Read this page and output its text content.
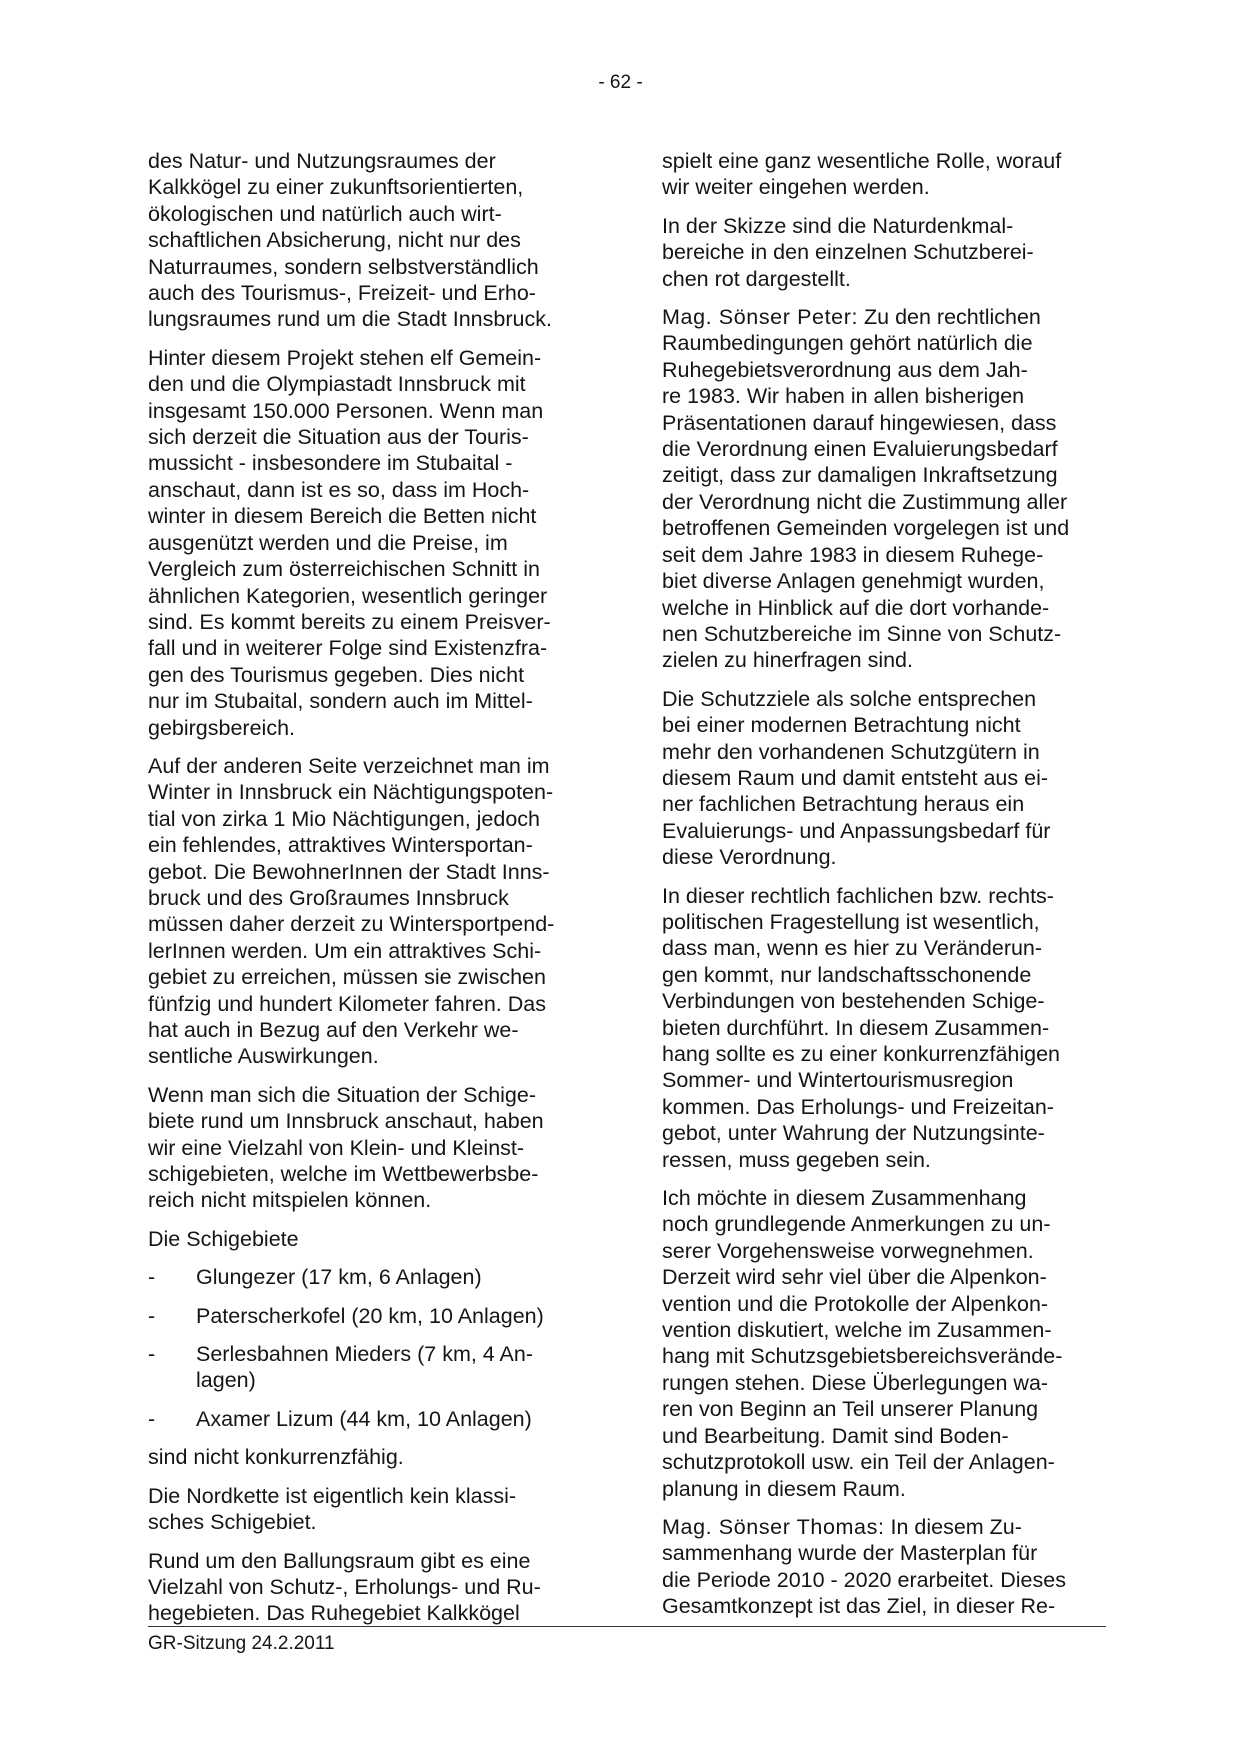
- 62 -

des Natur- und Nutzungsraumes der
Kalkkögel zu einer zukunftsorientierten,
ökologischen und natürlich auch wirt-
schaftlichen Absicherung, nicht nur des
Naturraumes, sondern selbstverständlich
auch des Tourismus-, Freizeit- und Erho-
lungsraumes rund um die Stadt Innsbruck.

Hinter diesem Projekt stehen elf Gemein-
den und die Olympiastadt Innsbruck mit
insgesamt 150.000 Personen. Wenn man
sich derzeit die Situation aus der Touris-
mussicht - insbesondere im Stubaital -
anschaut, dann ist es so, dass im Hoch-
winter in diesem Bereich die Betten nicht
ausgenützt werden und die Preise, im
Vergleich zum österreichischen Schnitt in
ähnlichen Kategorien, wesentlich geringer
sind. Es kommt bereits zu einem Preisver-
fall und in weiterer Folge sind Existenzfra-
gen des Tourismus gegeben. Dies nicht
nur im Stubaital, sondern auch im Mittel-
gebirgsbereich.

Auf der anderen Seite verzeichnet man im
Winter in Innsbruck ein Nächtigungspoten-
tial von zirka 1 Mio Nächtigungen, jedoch
ein fehlendes, attraktives Wintersportan-
gebot. Die BewohnerInnen der Stadt Inns-
bruck und des Großraumes Innsbruck
müssen daher derzeit zu Wintersportpend-
lerInnen werden. Um ein attraktives Schi-
gebiet zu erreichen, müssen sie zwischen
fünfzig und hundert Kilometer fahren. Das
hat auch in Bezug auf den Verkehr we-
sentliche Auswirkungen.

Wenn man sich die Situation der Schige-
biete rund um Innsbruck anschaut, haben
wir eine Vielzahl von Klein- und Kleinst-
schigebieten, welche im Wettbewerbsbe-
reich nicht mitspielen können.

Die Schigebiete

- Glungezer (17 km, 6 Anlagen)
- Paterscherkofel (20 km, 10 Anlagen)
- Serlesbahnen Mieders (7 km, 4 An-
lagen)
- Axamer Lizum (44 km, 10 Anlagen)

sind nicht konkurrenzfähig.

Die Nordkette ist eigentlich kein klassi-
sches Schigebiet.

Rund um den Ballungsraum gibt es eine
Vielzahl von Schutz-, Erholungs- und Ru-
hegebieten. Das Ruhegebiet Kalkkögel

spielt eine ganz wesentliche Rolle, worauf
wir weiter eingehen werden.

In der Skizze sind die Naturdenkmal-
bereiche in den einzelnen Schutzberei-
chen rot dargestellt.

Mag. Sönser Peter: Zu den rechtlichen
Raumbedingungen gehört natürlich die
Ruhegebietsverordnung aus dem Jah-
re 1983. Wir haben in allen bisherigen
Präsentationen darauf hingewiesen, dass
die Verordnung einen Evaluierungsbedarf
zeitigt, dass zur damaligen Inkraftsetzung
der Verordnung nicht die Zustimmung aller
betroffenen Gemeinden vorgelegen ist und
seit dem Jahre 1983 in diesem Ruhege-
biet diverse Anlagen genehmigt wurden,
welche in Hinblick auf die dort vorhande-
nen Schutzbereiche im Sinne von Schutz-
zielen zu hinerfragen sind.

Die Schutzziele als solche entsprechen
bei einer modernen Betrachtung nicht
mehr den vorhandenen Schutzgütern in
diesem Raum und damit entsteht aus ei-
ner fachlichen Betrachtung heraus ein
Evaluierungs- und Anpassungsbedarf für
diese Verordnung.

In dieser rechtlich fachlichen bzw. rechts-
politischen Fragestellung ist wesentlich,
dass man, wenn es hier zu Veränderun-
gen kommt, nur landschaftsschonende
Verbindungen von bestehenden Schige-
bieten durchführt. In diesem Zusammen-
hang sollte es zu einer konkurrenzfähigen
Sommer- und Wintertourismusregion
kommen. Das Erholungs- und Freizeitan-
gebot, unter Wahrung der Nutzungsinte-
ressen, muss gegeben sein.

Ich möchte in diesem Zusammenhang
noch grundlegende Anmerkungen zu un-
serer Vorgehensweise vorwegnehmen.
Derzeit wird sehr viel über die Alpenkon-
vention und die Protokolle der Alpenkon-
vention diskutiert, welche im Zusammen-
hang mit Schutzsgebietsbereichsverände-
rungen stehen. Diese Überlegungen wa-
ren von Beginn an Teil unserer Planung
und Bearbeitung. Damit sind Boden-
schutzprotokoll usw. ein Teil der Anlagen-
planung in diesem Raum.

Mag. Sönser Thomas: In diesem Zu-
sammenhang wurde der Masterplan für
die Periode 2010 - 2020 erarbeitet. Dieses
Gesamtkonzept ist das Ziel, in dieser Re-

GR-Sitzung 24.2.2011
